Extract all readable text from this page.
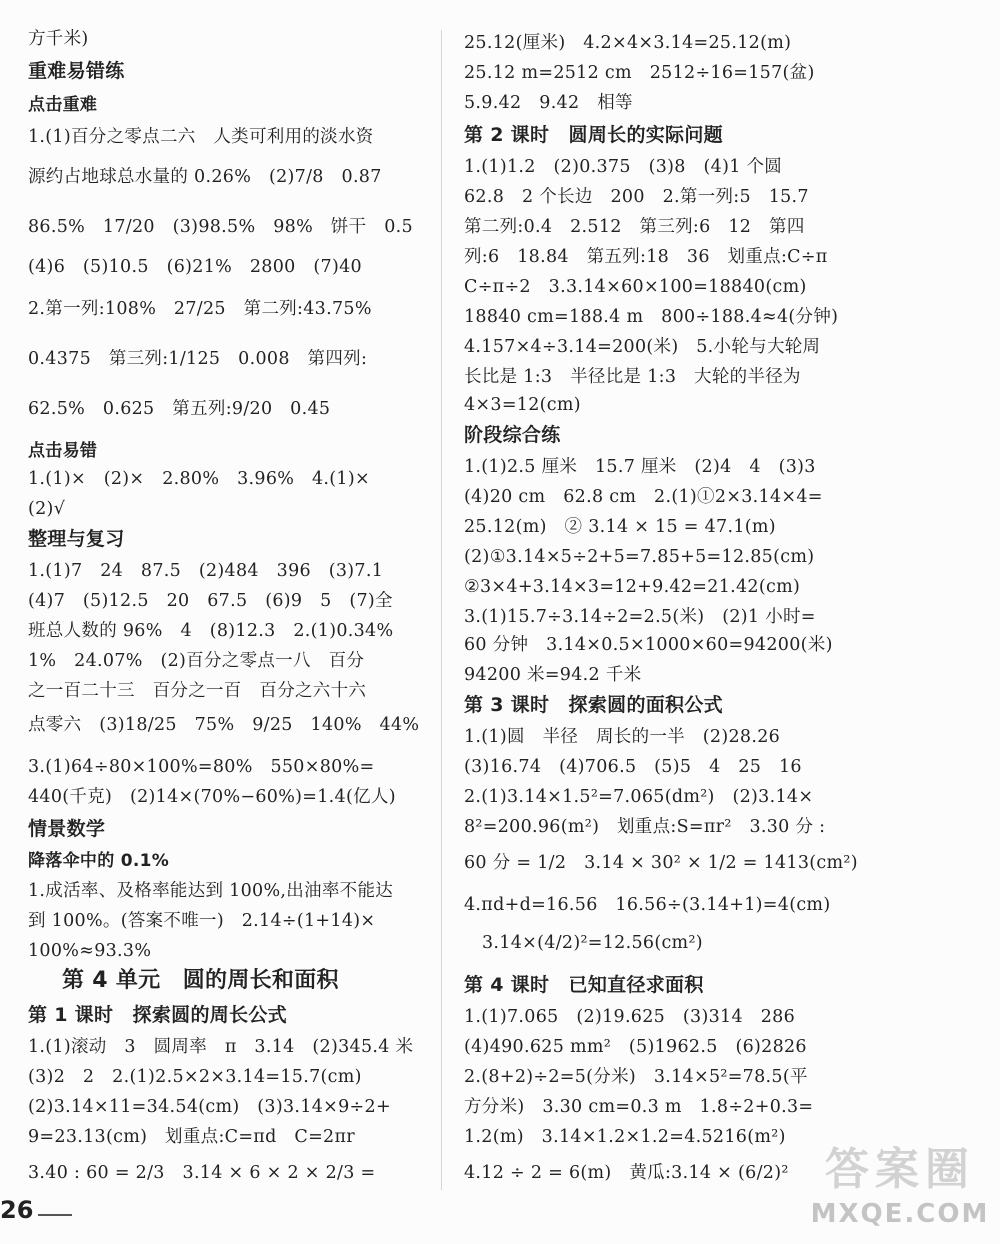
方千米)
重难易错练
点击重难
1.(1)百分之零点二六　人类可利用的淡水资
源约占地球总水量的 0.26%　(2)7/8　0.87
86.5%　17/20　(3)98.5%　98%　饼干　0.5
(4)6　(5)10.5　(6)21%　2800　(7)40
2.第一列:108%　27/25　第二列:43.75%
0.4375　第三列:1/125　0.008　第四列:
62.5%　0.625　第五列:9/20　0.45
点击易错
1.(1)×　(2)×　2.80%　3.96%　4.(1)×
(2)√
整理与复习
1.(1)7　24　87.5　(2)484　396　(3)7.1
(4)7　(5)12.5　20　67.5　(6)9　5　(7)全
班总人数的 96%　4　(8)12.3　2.(1)0.34%
1%　24.07%　(2)百分之零点一八　百分
之一百二十三　百分之一百　百分之六十六
点零六　(3)18/25　75%　9/25　140%　44%
3.(1)64÷80×100%=80%　550×80%=
440(千克)　(2)14×(70%−60%)=1.4(亿人)
情景数学
降落伞中的 0.1%
1.成活率、及格率能达到 100%,出油率不能达
到 100%。(答案不唯一)　2.14÷(1+14)×
100%≈93.3%
第 4 单元　圆的周长和面积
第 1 课时　探索圆的周长公式
1.(1)滚动　3　圆周率　π　3.14　(2)345.4 米
(3)2　2　2.(1)2.5×2×3.14=15.7(cm)
(2)3.14×11=34.54(cm)　(3)3.14×9÷2+
9=23.13(cm)　划重点:C=πd　C=2πr
3.40 : 60 = 2/3　3.14 × 6 × 2 × 2/3 =
25.12(厘米)　4.2×4×3.14=25.12(m)
25.12 m=2512 cm　2512÷16=157(盆)
5.9.42　9.42　相等
第 2 课时　圆周长的实际问题
1.(1)1.2　(2)0.375　(3)8　(4)1 个圆
62.8　2 个长边　200　2.第一列:5　15.7
第二列:0.4　2.512　第三列:6　12　第四
列:6　18.84　第五列:18　36　划重点:C÷π
C÷π÷2　3.3.14×60×100=18840(cm)
18840 cm=188.4 m　800÷188.4≈4(分钟)
4.157×4÷3.14=200(米)　5.小轮与大轮周
长比是 1:3　半径比是 1:3　大轮的半径为
4×3=12(cm)
阶段综合练
1.(1)2.5 厘米　15.7 厘米　(2)4　4　(3)3
(4)20 cm　62.8 cm　2.(1)①2×3.14×4=
25.12(m)　② 3.14 × 15 = 47.1(m)
(2)①3.14×5÷2+5=7.85+5=12.85(cm)
②3×4+3.14×3=12+9.42=21.42(cm)
3.(1)15.7÷3.14÷2=2.5(米)　(2)1 小时=
60 分钟　3.14×0.5×1000×60=94200(米)
94200 米=94.2 千米
第 3 课时　探索圆的面积公式
1.(1)圆　半径　周长的一半　(2)28.26
(3)16.74　(4)706.5　(5)5　4　25　16
2.(1)3.14×1.5²=7.065(dm²)　(2)3.14×
8²=200.96(m²)　划重点:S=πr²　3.30 分 :
60 分 = 1/2　3.14 × 30² × 1/2 = 1413(cm²)
4.πd+d=16.56　16.56÷(3.14+1)=4(cm)
3.14×(4/2)²=12.56(cm²)
第 4 课时　已知直径求面积
1.(1)7.065　(2)19.625　(3)314　286
(4)490.625 mm²　(5)1962.5　(6)2826
2.(8+2)÷2=5(分米)　3.14×5²=78.5(平
方分米)　3.30 cm=0.3 m　1.8÷2+0.3=
1.2(m)　3.14×1.2×1.2=4.5216(m²)
4.12 ÷ 2 = 6(m)　黄瓜:3.14 × (6/2)²
26
答案圈
MXQE.COM
